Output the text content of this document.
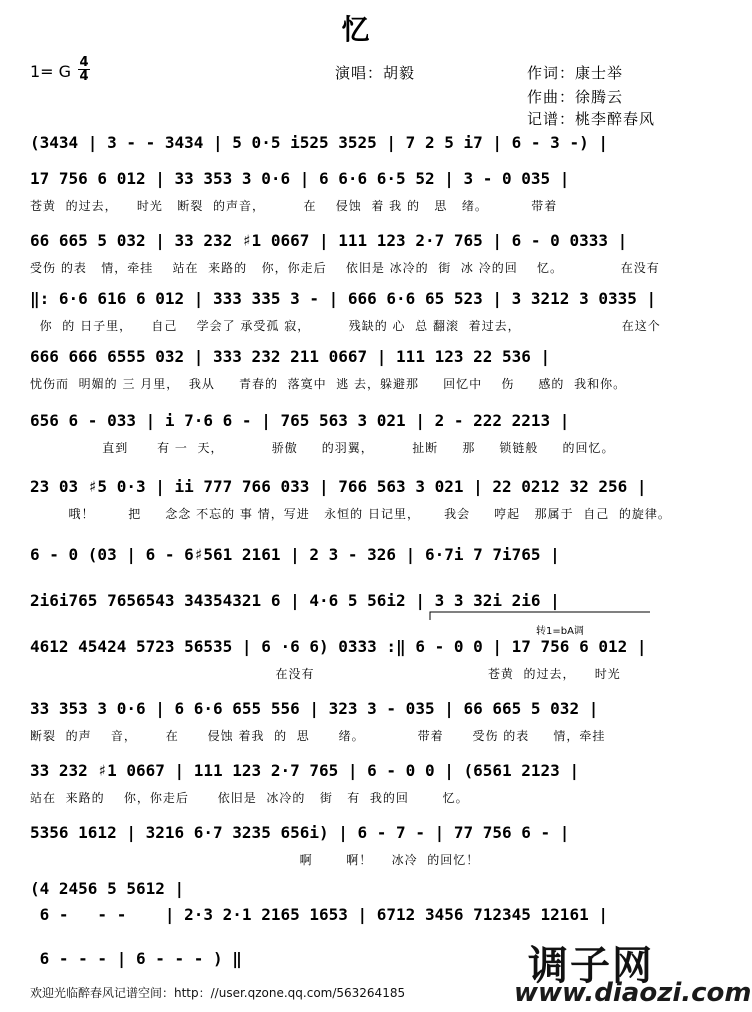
忆
1= G 4
4	演唱：胡毅	作词：康士举
作曲：徐腾云
记谱：桃李醉春风
(3434 | 3 - - 3434 | 5 0·5 i525 3525 | 7 2 5 i7 | 6 - 3 -) |
17 756 6 012 | 33 353 3 0·6 | 6 6·6 6·5 52 | 3 - 0 035 |
苍黄  的过去，    时光   断裂  的声音，        在    侵蚀  着 我 的   思   绪。         带着
66 665 5 032 | 33 232 ♯1 0667 | 111 123 2·7 765 | 6 - 0 0333 |
受伤 的表   情，牵挂    站在  来路的   你，你走后    依旧是 冰冷的  街  冰 冷的回    忆。            在没有
‖: 6·6 616 6 012 | 333 335 3 - | 666 6·6 65 523 | 3 3212 3 0335 |
你  的 日子里，    自己    学会了 承受孤 寂，        残缺的 心  总 翻滚  着过去，                     在这个
666 666 6555 032 | 333 232 211 0667 | 111 123 22 536 |
忧伤而  明媚的 三 月里，  我从     青春的  落寞中  逃 去，躲避那     回忆中    伤     感的  我和你。
656 6 - 033 | i 7·6 6 - | 765 563 3 021 | 2 - 222 2213 |
直到      有 一  天，          骄傲     的羽翼，        扯断     那     锁链般     的回忆。
23 03 ♯5 0·3 | ii 777 766 033 | 766 563 3 021 | 22 0212 32 256 |
哦！       把     念念 不忘的 事 情，写进   永恒的 日记里，     我会     哼起   那属于  自己  的旋律。
6 - 0 (03 | 6 - 6♯561 2161 | 2 3 - 326 | 6·7i 7 7i765 |
2i6i765 7656543 34354321 6 | 4·6 5 56i2 | 3 3 32i 2i6 |
4612 45424 5723 56535 | 6 ·6 6) 0333 :‖ 6 - 0 0 | 17 756 6 012 |
在没有                                    苍黄  的过去，    时光
33 353 3 0·6 | 6 6·6 655 556 | 323 3 - 035 | 66 665 5 032 |
断裂  的声    音，      在      侵蚀 着我  的  思      绪。           带着      受伤 的表     情，牵挂
33 232 ♯1 0667 | 111 123 2·7 765 | 6 - 0 0 | (6561 2123 |
站在  来路的    你，你走后      依旧是  冰冷的   街   有  我的回       忆。
5356 1612 | 3216 6·7 3235 656i) | 6 - 7 - | 77 756 6 - |
啊       啊！    冰冷  的回忆！
(4 2456 5 5612 |
6 -   - -    | 2·3 2·1 2165 1653 | 6712 3456 712345 12161 |
6 - - - | 6 - - - ) ‖
转1=bA调
欢迎光临醉春风记谱空间：http：//user.qzone.qq.com/563264185
调子网
www.diaozi.com
